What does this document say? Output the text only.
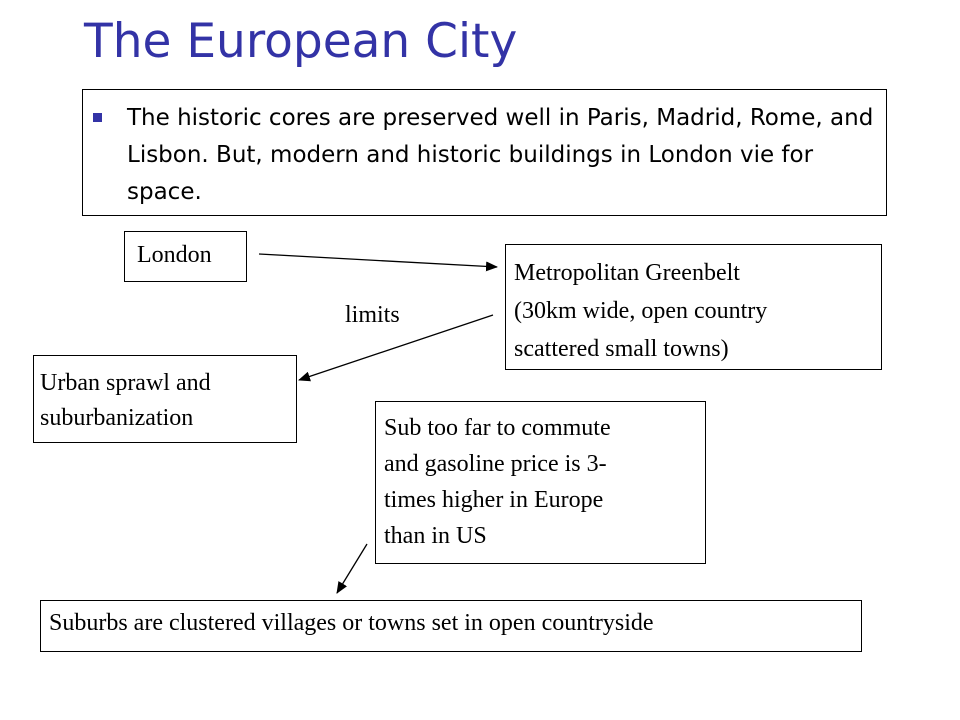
The European City
The historic cores are preserved well in Paris, Madrid, Rome, and Lisbon. But, modern and historic buildings in London vie for space.
London
Metropolitan Greenbelt
(30km wide, open country
scattered small towns)
limits
Urban sprawl and
suburbanization	Sub too far to commute
and gasoline price is 3-
times higher in Europe
than in US
Suburbs are clustered villages or towns set in open countryside
